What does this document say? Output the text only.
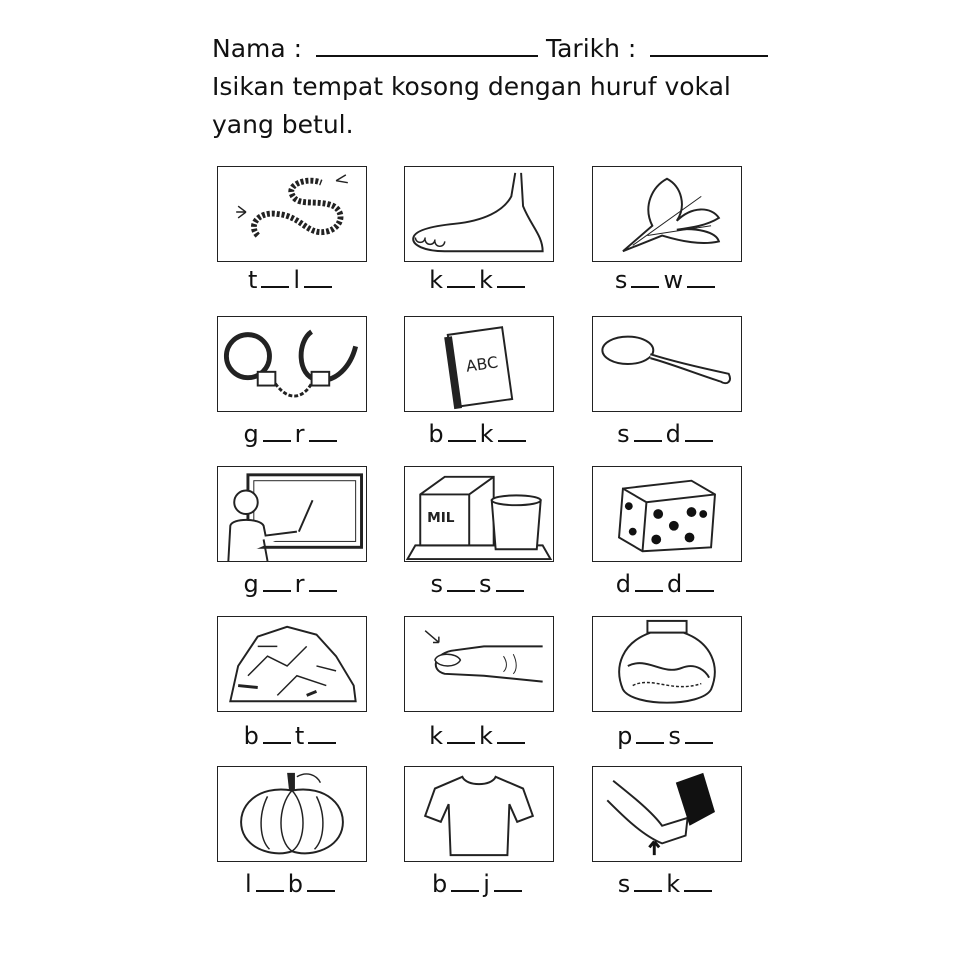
Nama :	Tarikh :
Isikan tempat kosong dengan huruf vokal
yang betul.
t l	k k	s w
ABC
g r	b k	s d
MIL
g r	s s	d d
b t	k k	p s
l b	b j	s k
